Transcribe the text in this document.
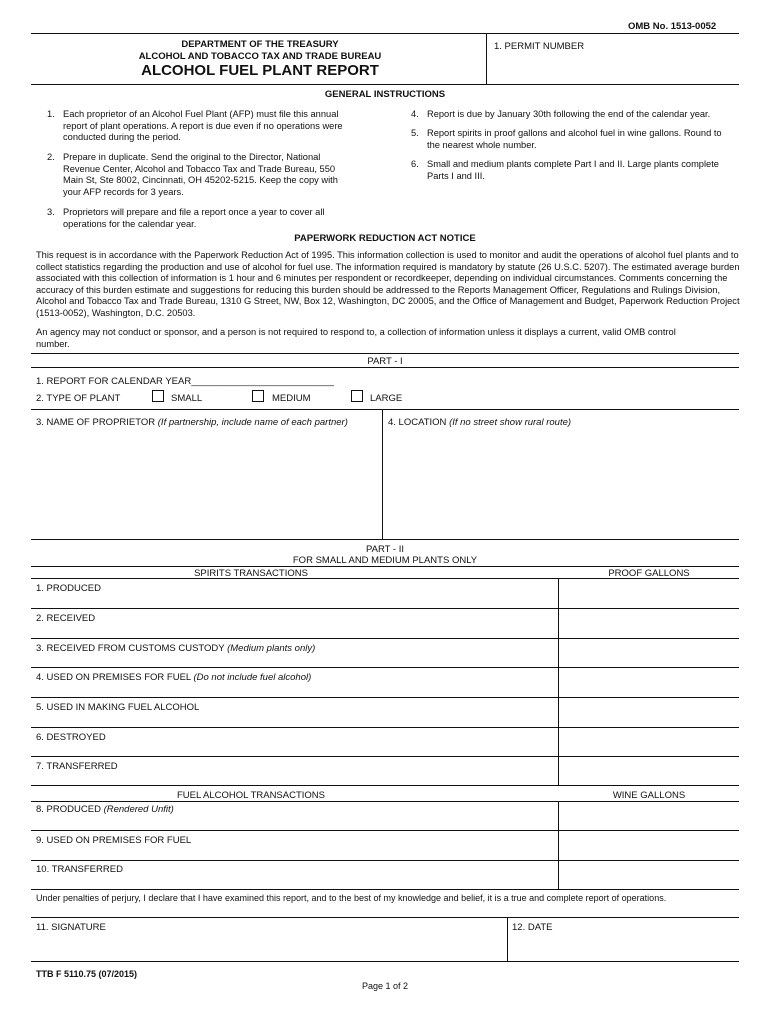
OMB No. 1513-0052
DEPARTMENT OF THE TREASURY
ALCOHOL AND TOBACCO TAX AND TRADE BUREAU
ALCOHOL FUEL PLANT REPORT
1. PERMIT NUMBER
GENERAL INSTRUCTIONS
1. Each proprietor of an Alcohol Fuel Plant (AFP) must file this annual report of plant operations. A report is due even if no operations were conducted during the period.
2. Prepare in duplicate. Send the original to the Director, National Revenue Center, Alcohol and Tobacco Tax and Trade Bureau, 550 Main St, Ste 8002, Cincinnati, OH 45202-5215. Keep the copy with your AFP records for 3 years.
3. Proprietors will prepare and file a report once a year to cover all operations for the calendar year.
4. Report is due by January 30th following the end of the calendar year.
5. Report spirits in proof gallons and alcohol fuel in wine gallons. Round to the nearest whole number.
6. Small and medium plants complete Part I and II. Large plants complete Parts I and III.
PAPERWORK REDUCTION ACT NOTICE
This request is in accordance with the Paperwork Reduction Act of 1995. This information collection is used to monitor and audit the operations of alcohol fuel plants and to collect statistics regarding the production and use of alcohol for fuel use. The information required is mandatory by statute (26 U.S.C. 5207). The estimated average burden associated with this collection of information is 1 hour and 6 minutes per respondent or recordkeeper, depending on individual circumstances. Comments concerning the accuracy of this burden estimate and suggestions for reducing this burden should be addressed to the Reports Management Officer, Regulations and Rulings Division, Alcohol and Tobacco Tax and Trade Bureau, 1310 G Street, NW, Box 12, Washington, DC 20005, and the Office of Management and Budget, Paperwork Reduction Project (1513-0052), Washington, D.C. 20503.
An agency may not conduct or sponsor, and a person is not required to respond to, a collection of information unless it displays a current, valid OMB control number.
PART - I
1. REPORT FOR CALENDAR YEAR___________________________
2. TYPE OF PLANT	SMALL	MEDIUM	LARGE
3. NAME OF PROPRIETOR (If partnership, include name of each partner)	4. LOCATION (If no street show rural route)
PART - II
FOR SMALL AND MEDIUM PLANTS ONLY
SPIRITS TRANSACTIONS	PROOF GALLONS
1. PRODUCED
2. RECEIVED
3. RECEIVED FROM CUSTOMS CUSTODY (Medium plants only)
4. USED ON PREMISES FOR FUEL (Do not include fuel alcohol)
5. USED IN MAKING FUEL ALCOHOL
6. DESTROYED
7. TRANSFERRED
FUEL ALCOHOL TRANSACTIONS	WINE GALLONS
8. PRODUCED (Rendered Unfit)
9. USED ON PREMISES FOR FUEL
10. TRANSFERRED
Under penalties of perjury, I declare that I have examined this report, and to the best of my knowledge and belief, it is a true and complete report of operations.
11. SIGNATURE	12. DATE
TTB F 5110.75 (07/2015)
Page 1 of 2
